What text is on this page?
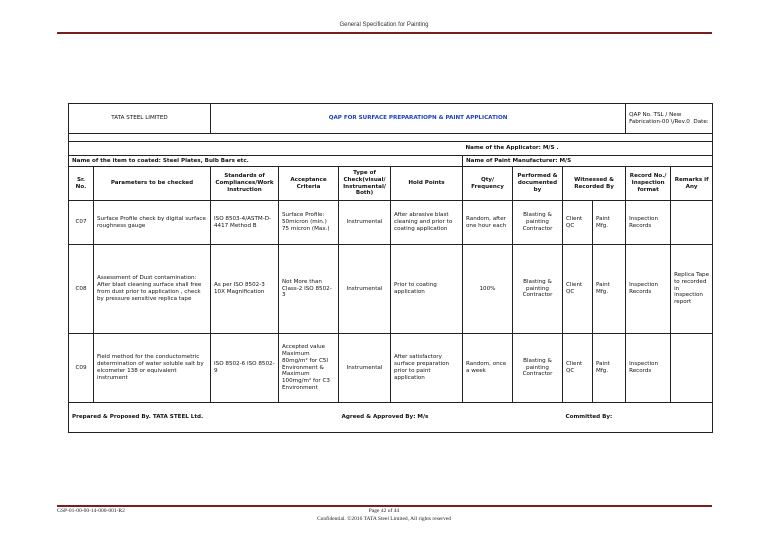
General Specification for Painting
TATA STEEL LIMITED		QAP FOR SURFACE PREPARATIOPN & PAINT APPLICATION								QAP No. TSL / New Fabrication-00 \/Rev.0 Date:	

						Name of the Applicator: M/S .					
Name of the item to coated: Steel Plates, Bulb Bars etc.						Name of Paint Manufacturer: M/S					
Sr. No.	Parameters to be checked	Standards of Compliances/Work instruction	Acceptance Criteria	Type of Check(visual/ Instrumental/ Both)	Hold Points	Qty/ Frequency	Performed & documented by	Witnessed & Recorded By		Record No./ Inspection format	Remarks if Any
C07	Surface Profile check by digital surface roughness gauge	ISO 8503-4/ASTM-D-4417 Method B	Surface Profile: 50micron (min.) 75 micron (Max.)	Instrumental	After abrasive blast cleaning and prior to coating application	Random, after one hour each	Blasting & painting Contractor	Client QC	Paint Mfg.	Inspection Records	
C08	Assessment of Dust contamination: After blast cleaning surface shall free from dust prior to application , check by pressure sensitive replica tape	As per ISO 8502-3 10X Magnification	Not More than Class-2 ISO 8502-3	Instrumental	Prior to coating application	100%	Blasting & painting Contractor	Client QC	Paint Mfg.	Inspection Records	Replica Tape to recorded in inspection report
C09	Field method for the conductometric determination of water soluble salt by elcometer 138 or equivalent instrument	ISO 8502-6 ISO 8502-9	Accepted value Maximum 80mg/m² for C5I Environment & Maximum 100mg/m² for C3 Environment	Instrumental	After satisfactory surface preparation prior to paint application	Random, once a week	Blasting & painting Contractor	Client QC	Paint Mfg.	Inspection Records	
Prepared & Proposed By. TATA STEEL Ltd.				Agreed & Approved By: M/s				Committed By:			
GSP-01-00-00-14-000-001-R2	Page 42 of 44
Confidential. ©2016 TATA Steel Limited, All rights reserved
